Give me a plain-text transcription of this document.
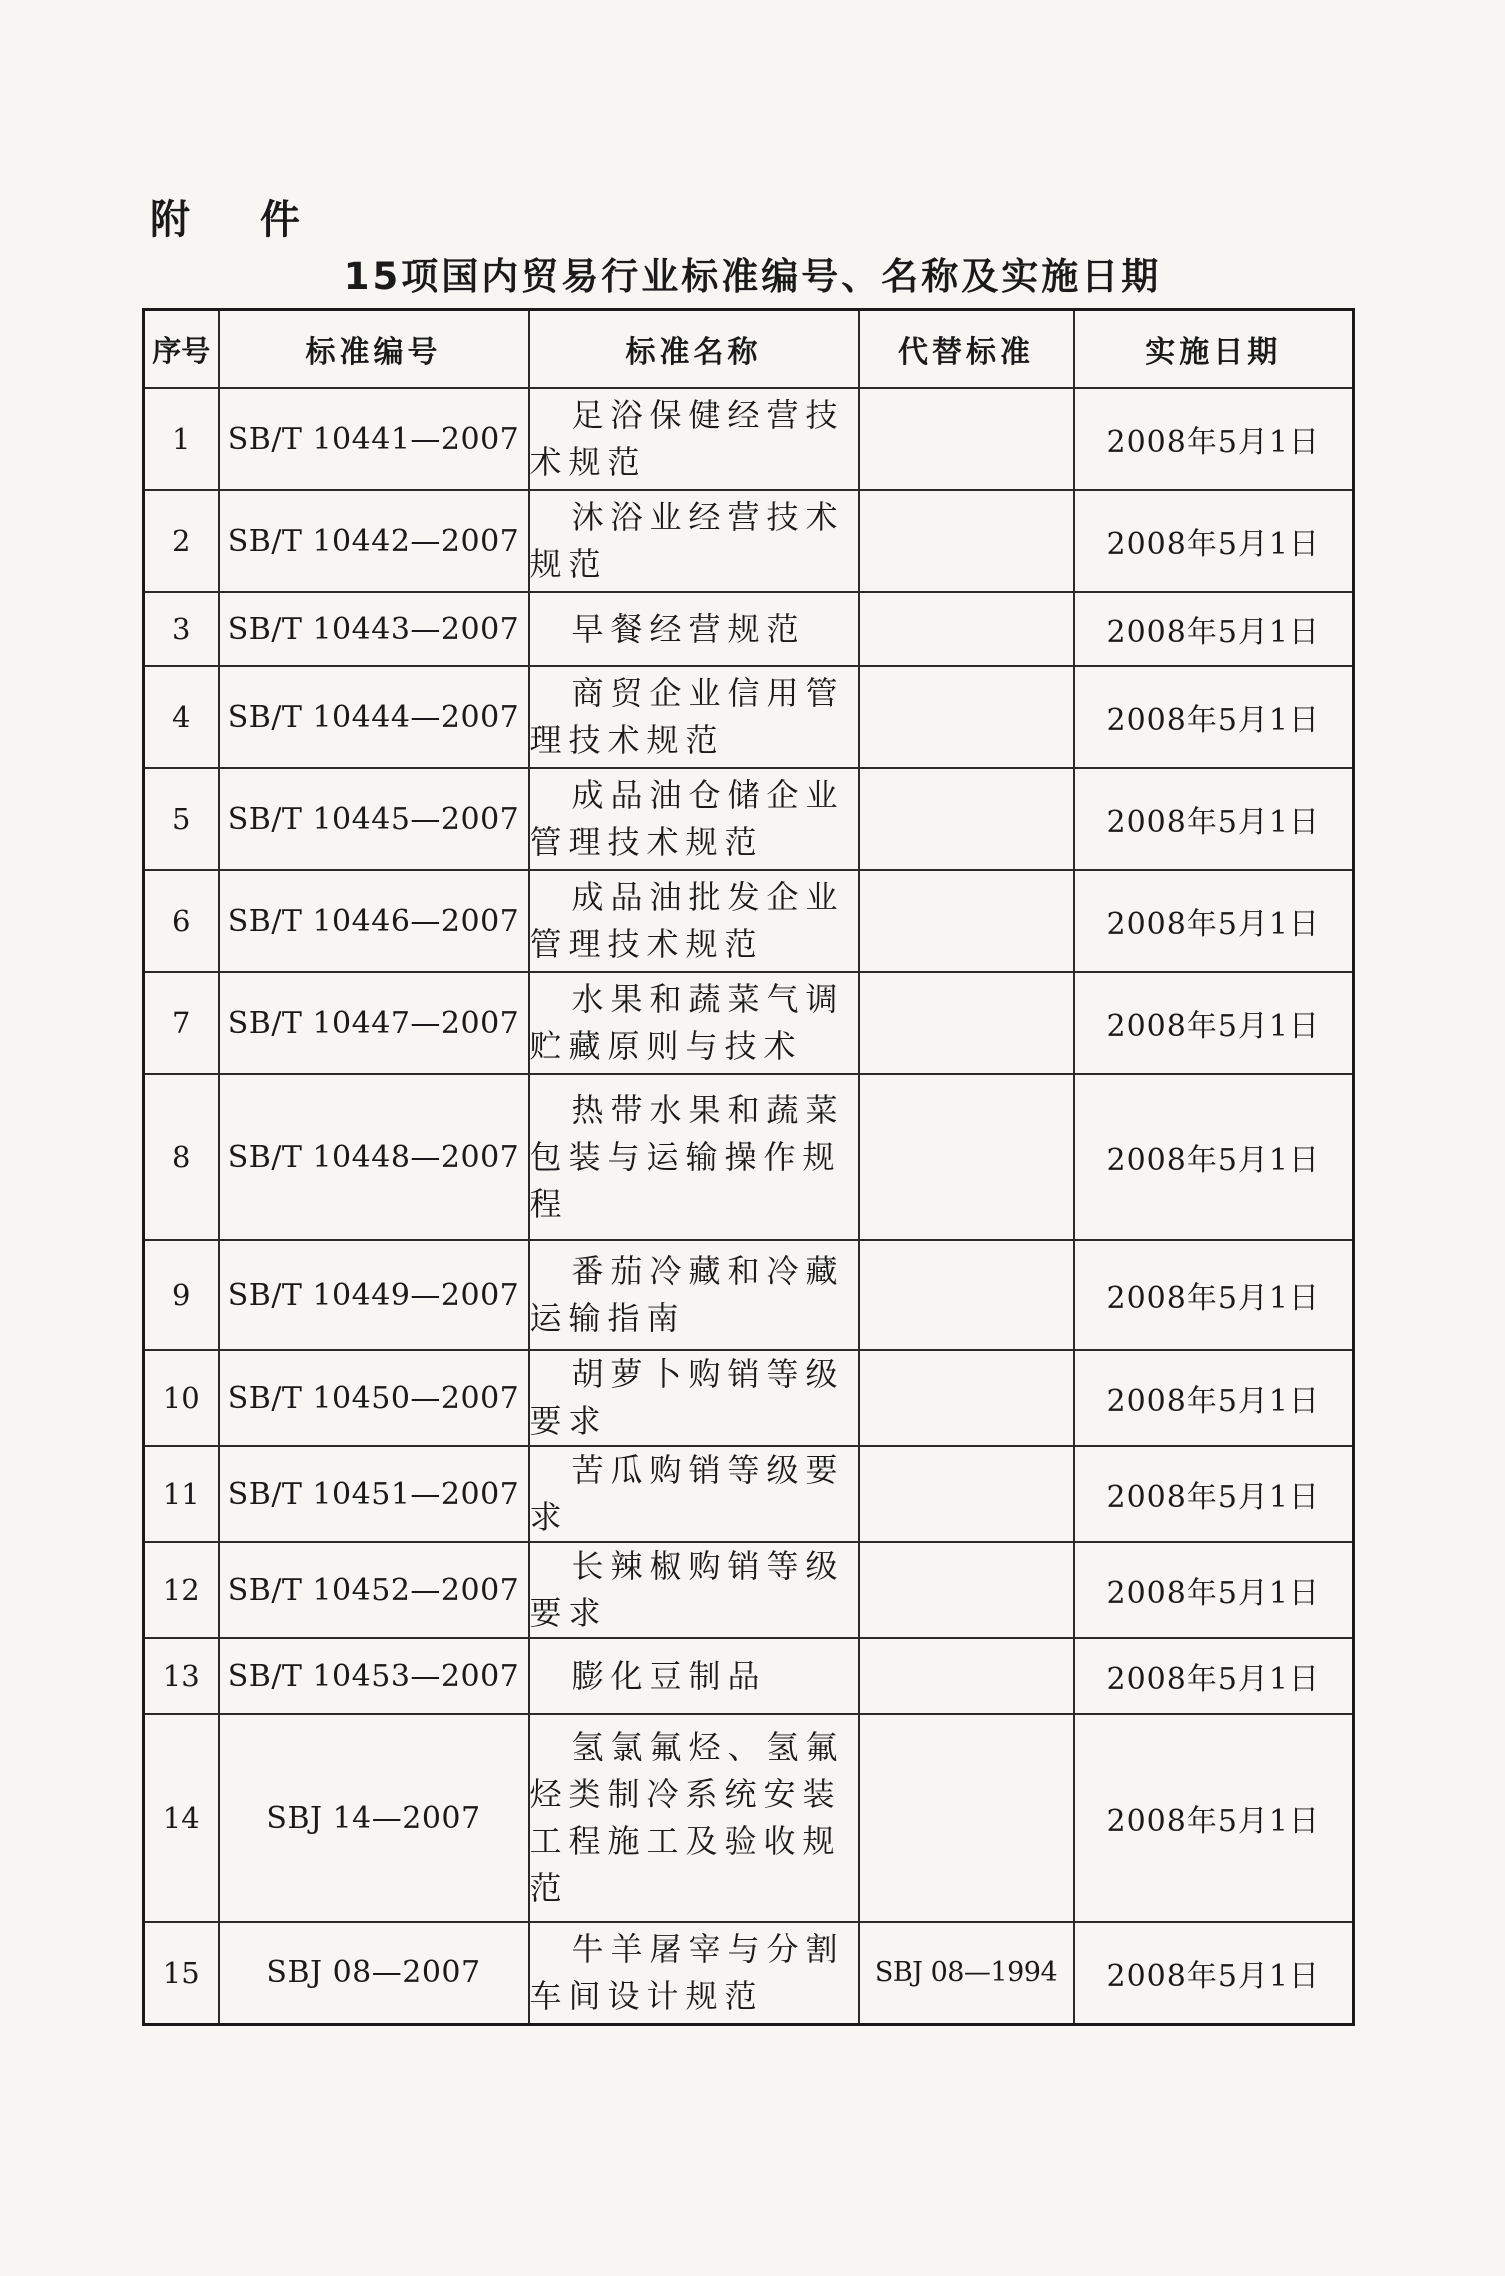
附 件
15项国内贸易行业标准编号、名称及实施日期
序号	标准编号	标准名称	代替标准	实施日期
1	SB/T 10441—2007	足浴保健经营技术规范		2008年5月1日
2	SB/T 10442—2007	沐浴业经营技术规范		2008年5月1日
3	SB/T 10443—2007	早餐经营规范		2008年5月1日
4	SB/T 10444—2007	商贸企业信用管理技术规范		2008年5月1日
5	SB/T 10445—2007	成品油仓储企业管理技术规范		2008年5月1日
6	SB/T 10446—2007	成品油批发企业管理技术规范		2008年5月1日
7	SB/T 10447—2007	水果和蔬菜气调贮藏原则与技术		2008年5月1日
8	SB/T 10448—2007	热带水果和蔬菜包装与运输操作规程		2008年5月1日
9	SB/T 10449—2007	番茄冷藏和冷藏运输指南		2008年5月1日
10	SB/T 10450—2007	胡萝卜购销等级要求		2008年5月1日
11	SB/T 10451—2007	苦瓜购销等级要求		2008年5月1日
12	SB/T 10452—2007	长辣椒购销等级要求		2008年5月1日
13	SB/T 10453—2007	膨化豆制品		2008年5月1日
14	SBJ 14—2007	氢氯氟烃、氢氟烃类制冷系统安装工程施工及验收规范		2008年5月1日
15	SBJ 08—2007	牛羊屠宰与分割车间设计规范	SBJ 08—1994	2008年5月1日
